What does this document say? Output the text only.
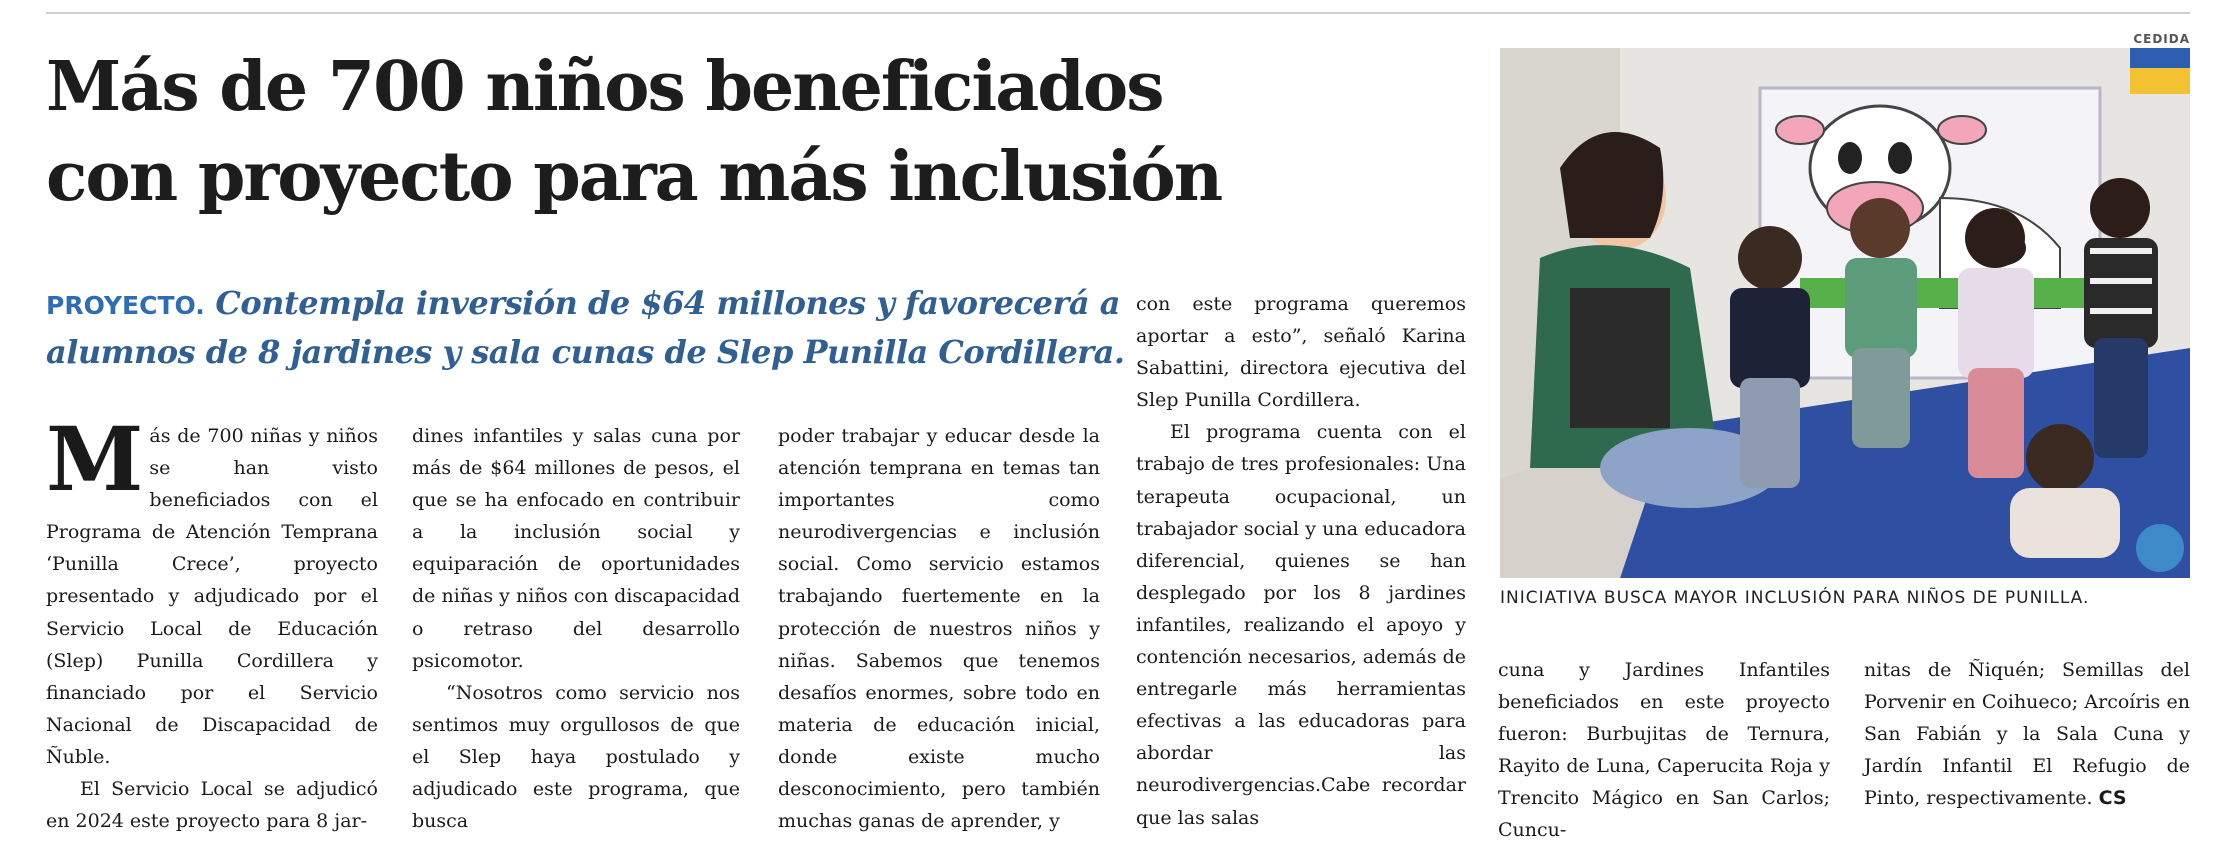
Más de 700 niños beneficiados
con proyecto para más inclusión

PROYECTO. Contempla inversión de $64 millones y favorecerá a alumnos de 8 jardines y sala cunas de Slep Punilla Cordillera.

Más de 700 niñas y niños se han visto beneficiados con el Programa de Atención Temprana ‘Punilla Crece’, proyecto presentado y adjudicado por el Servicio Local de Educación (Slep) Punilla Cordillera y financiado por el Servicio Nacional de Discapacidad de Ñuble.

El Servicio Local se adjudicó en 2024 este proyecto para 8 jar-

dines infantiles y salas cuna por más de $64 millones de pesos, el que se ha enfocado en contribuir a la inclusión social y equiparación de oportunidades de niñas y niños con discapacidad o retraso del desarrollo psicomotor.

“Nosotros como servicio nos sentimos muy orgullosos de que el Slep haya postulado y adjudicado este programa, que busca

poder trabajar y educar desde la atención temprana en temas tan importantes como neurodivergencias e inclusión social. Como servicio estamos trabajando fuertemente en la protección de nuestros niños y niñas. Sabemos que tenemos desafíos enormes, sobre todo en materia de educación inicial, donde existe mucho desconocimiento, pero también muchas ganas de aprender, y

con este programa queremos aportar a esto”, señaló Karina Sabattini, directora ejecutiva del Slep Punilla Cordillera.

El programa cuenta con el trabajo de tres profesionales: Una terapeuta ocupacional, un trabajador social y una educadora diferencial, quienes se han desplegado por los 8 jardines infantiles, realizando el apoyo y contención necesarios, además de entregarle más herramientas efectivas a las educadoras para abordar las neurodivergencias.Cabe recordar que las salas

cuna y Jardines Infantiles beneficiados en este proyecto fueron: Burbujitas de Ternura, Rayito de Luna, Caperucita Roja y Trencito Mágico en San Carlos; Cuncu-

nitas de Ñiquén; Semillas del Porvenir en Coihueco; Arcoíris en San Fabián y la Sala Cuna y Jardín Infantil El Refugio de Pinto, respectivamente. CS

CEDIDA

INICIATIVA BUSCA MAYOR INCLUSIÓN PARA NIÑOS DE PUNILLA.
